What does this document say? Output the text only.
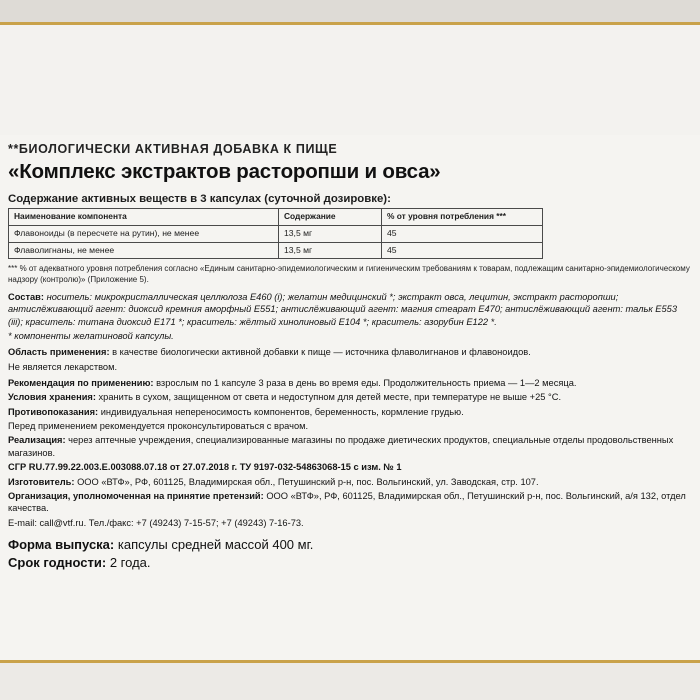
**БИОЛОГИЧЕСКИ АКТИВНАЯ ДОБАВКА К ПИЩЕ
«Комплекс экстрактов расторопши и овса»
Содержание активных веществ в 3 капсулах (суточной дозировке):
Наименование компонента	Содержание	% от уровня потребления ***
Флавоноиды (в пересчете на рутин), не менее	13,5 мг	45
Флаволигнаны, не менее	13,5 мг	45
*** % от адекватного уровня потребления согласно «Единым санитарно-эпидемиологическим и гигиеническим требованиям к товарам, подлежащим санитарно-эпидемиологическому надзору (контролю)» (Приложение 5).
Состав: носитель: микрокристаллическая целлюлоза Е460 (i); желатин медицинский *; экстракт овса, лецитин, экстракт расторопши; антислёживающий агент: диоксид кремния аморфный Е551; антислёживающий агент: магния стеарат Е470; антислёживающий агент: тальк Е553 (iii); краситель: титана диоксид Е171 *; краситель: жёлтый хинолиновый Е104 *; краситель: азорубин Е122 *.
* компоненты желатиновой капсулы.
Область применения: в качестве биологически активной добавки к пище — источника флаволигнанов и флавоноидов.
Не является лекарством.
Рекомендация по применению: взрослым по 1 капсуле 3 раза в день во время еды. Продолжительность приема — 1—2 месяца.
Условия хранения: хранить в сухом, защищенном от света и недоступном для детей месте, при температуре не выше +25 °С.
Противопоказания: индивидуальная непереносимость компонентов, беременность, кормление грудью.
Перед применением рекомендуется проконсультироваться с врачом.
Реализация: через аптечные учреждения, специализированные магазины по продаже диетических продуктов, специальные отделы продовольственных магазинов.
СГР RU.77.99.22.003.Е.003088.07.18 от 27.07.2018 г. ТУ 9197-032-54863068-15 с изм. № 1
Изготовитель: ООО «ВТФ», РФ, 601125, Владимирская обл., Петушинский р-н, пос. Вольгинский, ул. Заводская, стр. 107.
Организация, уполномоченная на принятие претензий: ООО «ВТФ», РФ, 601125, Владимирская обл., Петушинский р-н, пос. Вольгинский, а/я 132, отдел качества.
E-mail: call@vtf.ru. Тел./факс: +7 (49243) 7-15-57; +7 (49243) 7-16-73.
Форма выпуска: капсулы средней массой 400 мг.
Срок годности: 2 года.
